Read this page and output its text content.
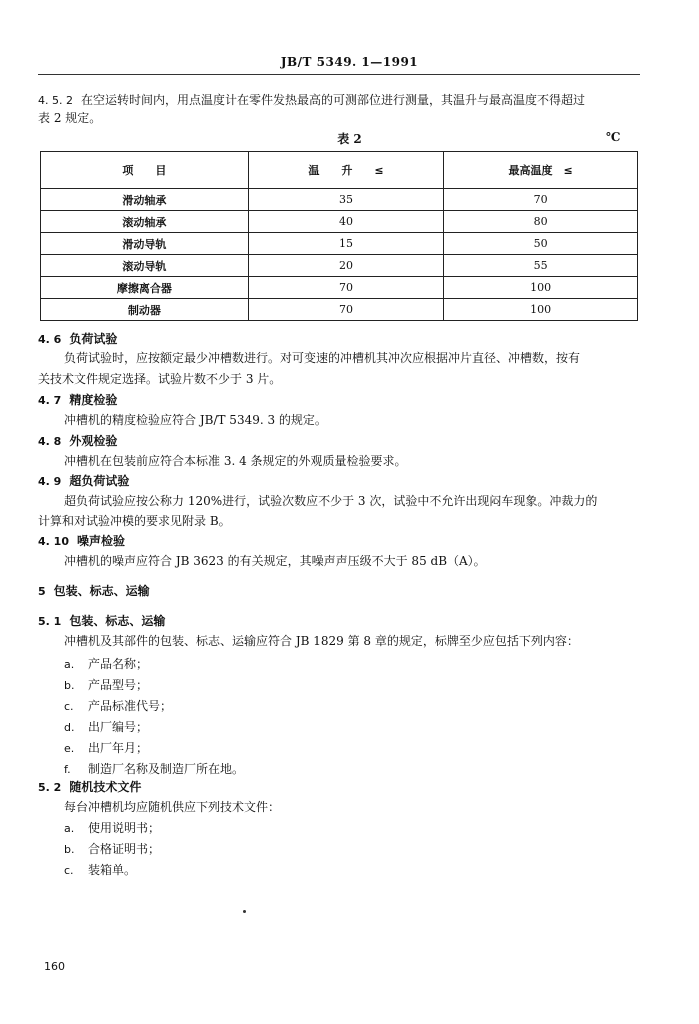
JB/T 5349. 1—1991
4. 5. 2 在空运转时间内，用点温度计在零件发热最高的可测部位进行测量，其温升与最高温度不得超过
表 2 规定。
表 2	℃
项　　目	温　　升　　≤	最高温度　≤
滑动轴承	35	70
滚动轴承	40	80
滑动导轨	15	50
滚动导轨	20	55
摩擦离合器	70	100
制动器	70	100
4. 6 负荷试验
负荷试验时，应按额定最少冲槽数进行。对可变速的冲槽机其冲次应根据冲片直径、冲槽数，按有
关技术文件规定选择。试验片数不少于 3 片。
4. 7 精度检验
冲槽机的精度检验应符合 JB/T 5349. 3 的规定。
4. 8 外观检验
冲槽机在包装前应符合本标准 3. 4 条规定的外观质量检验要求。
4. 9 超负荷试验
超负荷试验应按公称力 120%进行，试验次数应不少于 3 次，试验中不允许出现闷车现象。冲裁力的
计算和对试验冲模的要求见附录 B。
4. 10 噪声检验
冲槽机的噪声应符合 JB 3623 的有关规定，其噪声声压级不大于 85 dB（A）。
5 包装、标志、运输
5. 1 包装、标志、运输
冲槽机及其部件的包装、标志、运输应符合 JB 1829 第 8 章的规定，标牌至少应包括下列内容：
a. 产品名称；
b. 产品型号；
c. 产品标准代号；
d. 出厂编号；
e. 出厂年月；
f. 制造厂名称及制造厂所在地。
5. 2 随机技术文件
每台冲槽机均应随机供应下列技术文件：
a. 使用说明书；
b. 合格证明书；
c. 装箱单。
160
